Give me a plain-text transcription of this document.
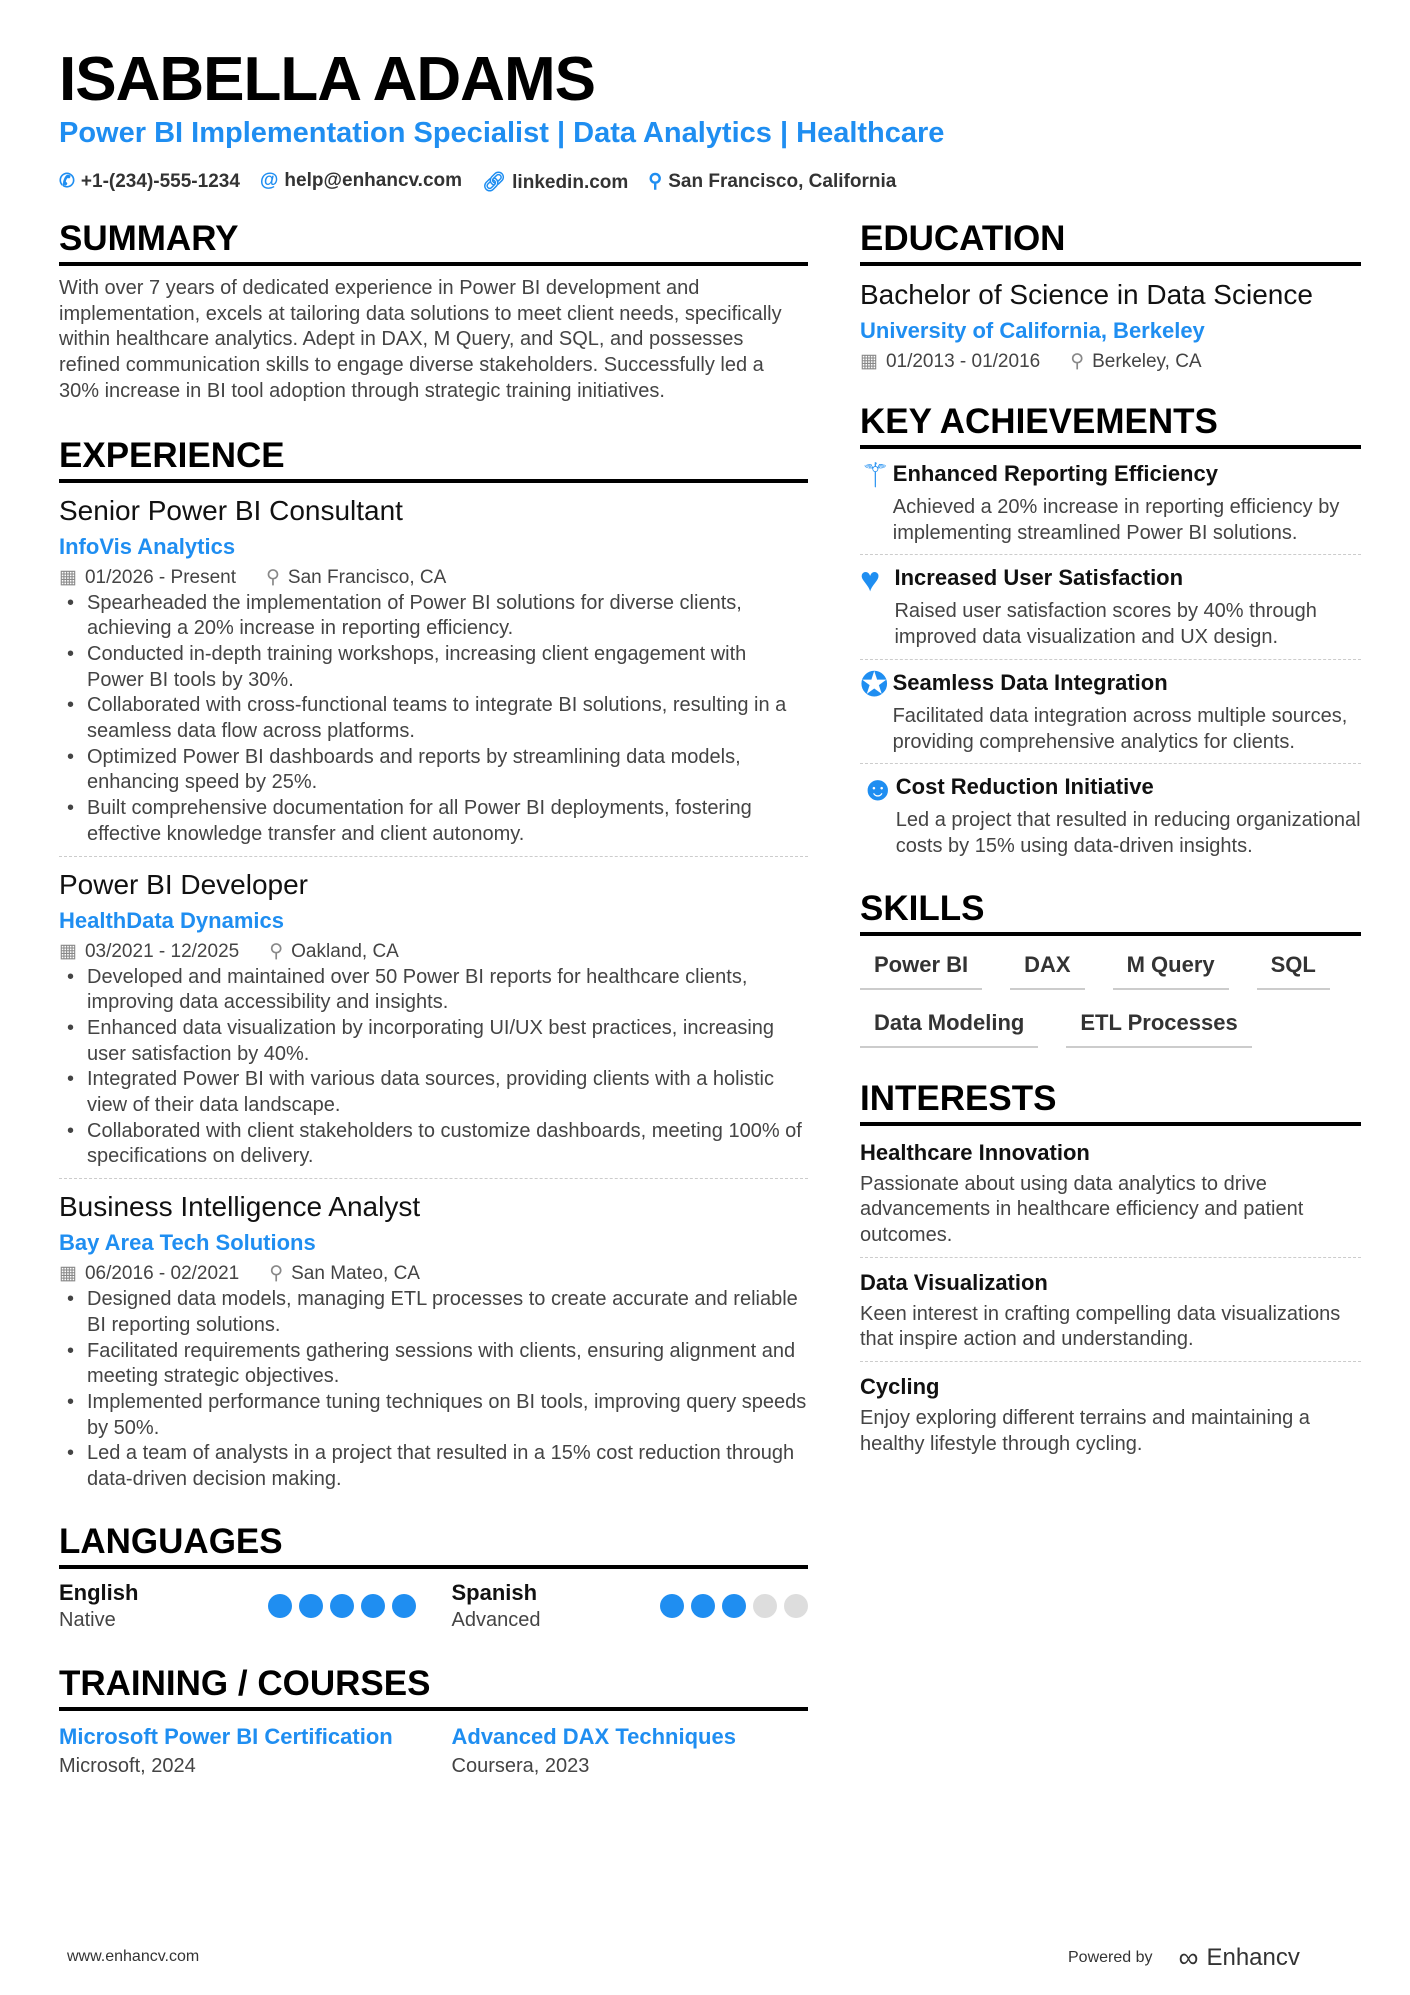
ISABELLA ADAMS
Power BI Implementation Specialist | Data Analytics | Healthcare
✆ +1-(234)-555-1234 @ help@enhancv.com 🔗︎ linkedin.com ⚲ San Francisco, California
SUMMARY
With over 7 years of dedicated experience in Power BI development and implementation, excels at tailoring data solutions to meet client needs, specifically within healthcare analytics. Adept in DAX, M Query, and SQL, and possesses refined communication skills to engage diverse stakeholders. Successfully led a 30% increase in BI tool adoption through strategic training initiatives.
EXPERIENCE
Senior Power BI Consultant
InfoVis Analytics
▦ 01/2026 - Present ⚲ San Francisco, CA
• Spearheaded the implementation of Power BI solutions for diverse clients, achieving a 20% increase in reporting efficiency.
• Conducted in-depth training workshops, increasing client engagement with Power BI tools by 30%.
• Collaborated with cross-functional teams to integrate BI solutions, resulting in a seamless data flow across platforms.
• Optimized Power BI dashboards and reports by streamlining data models, enhancing speed by 25%.
• Built comprehensive documentation for all Power BI deployments, fostering effective knowledge transfer and client autonomy.
Power BI Developer
HealthData Dynamics
▦ 03/2021 - 12/2025 ⚲ Oakland, CA
• Developed and maintained over 50 Power BI reports for healthcare clients, improving data accessibility and insights.
• Enhanced data visualization by incorporating UI/UX best practices, increasing user satisfaction by 40%.
• Integrated Power BI with various data sources, providing clients with a holistic view of their data landscape.
• Collaborated with client stakeholders to customize dashboards, meeting 100% of specifications on delivery.
Business Intelligence Analyst
Bay Area Tech Solutions
▦ 06/2016 - 02/2021 ⚲ San Mateo, CA
• Designed data models, managing ETL processes to create accurate and reliable BI reporting solutions.
• Facilitated requirements gathering sessions with clients, ensuring alignment and meeting strategic objectives.
• Implemented performance tuning techniques on BI tools, improving query speeds by 50%.
• Led a team of analysts in a project that resulted in a 15% cost reduction through data-driven decision making.
LANGUAGES
English
Native
Spanish
Advanced
TRAINING / COURSES
Microsoft Power BI Certification
Microsoft, 2024
Advanced DAX Techniques
Coursera, 2023
EDUCATION
Bachelor of Science in Data Science
University of California, Berkeley
▦ 01/2013 - 01/2016 ⚲ Berkeley, CA
KEY ACHIEVEMENTS
⚚ Enhanced Reporting Efficiency
Achieved a 20% increase in reporting efficiency by implementing streamlined Power BI solutions.
♥ Increased User Satisfaction
Raised user satisfaction scores by 40% through improved data visualization and UX design.
✪ Seamless Data Integration
Facilitated data integration across multiple sources, providing comprehensive analytics for clients.
☻ Cost Reduction Initiative
Led a project that resulted in reducing organizational costs by 15% using data-driven insights.
SKILLS
Power BI	DAX	M Query	SQL
Data Modeling	ETL Processes
INTERESTS
Healthcare Innovation
Passionate about using data analytics to drive advancements in healthcare efficiency and patient outcomes.
Data Visualization
Keen interest in crafting compelling data visualizations that inspire action and understanding.
Cycling
Enjoy exploring different terrains and maintaining a healthy lifestyle through cycling.
www.enhancv.com	Powered by ∞ Enhancv
